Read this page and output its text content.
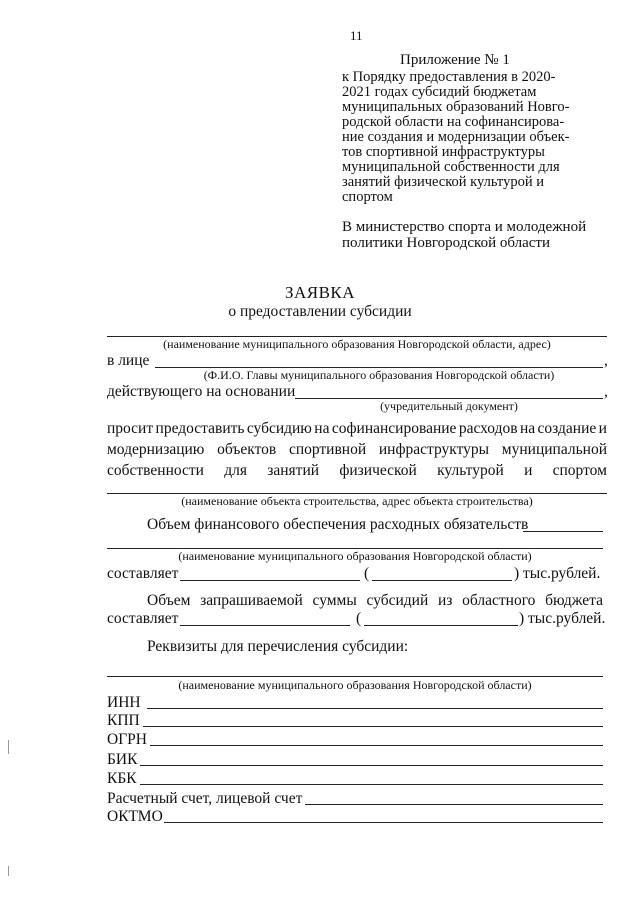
11
Приложение № 1
к Порядку предоставления в 2020-
2021 годах субсидий бюджетам
муниципальных образований Новго-
родской области на софинансирова-
ние создания и модернизации объек-
тов спортивной инфраструктуры
муниципальной собственности для
занятий физической культурой и
спортом
В министерство спорта и молодежной
политики Новгородской области
ЗАЯВКА
о предоставлении субсидии
(наименование муниципального образования Новгородской области, адрес)
в лице	,
(Ф.И.О. Главы муниципального образования Новгородской области)
действующего на основании	,
(учредительный документ)
просит предоставить субсидию на софинансирование расходов на создание и
модернизацию объектов спортивной инфраструктуры муниципальной
собственности для занятий физической культурой и спортом
(наименование объекта строительства, адрес объекта строительства)
Объем финансового обеспечения расходных обязательств
(наименование муниципального образования Новгородской области)
составляет	(	) тыс.рублей.
Объем запрашиваемой суммы субсидий из областного бюджета
составляет	(	) тыс.рублей.
Реквизиты для перечисления субсидии:
(наименование муниципального образования Новгородской области)
ИНН
КПП
ОГРН
БИК
КБК
Расчетный счет, лицевой счет
ОКТМО
